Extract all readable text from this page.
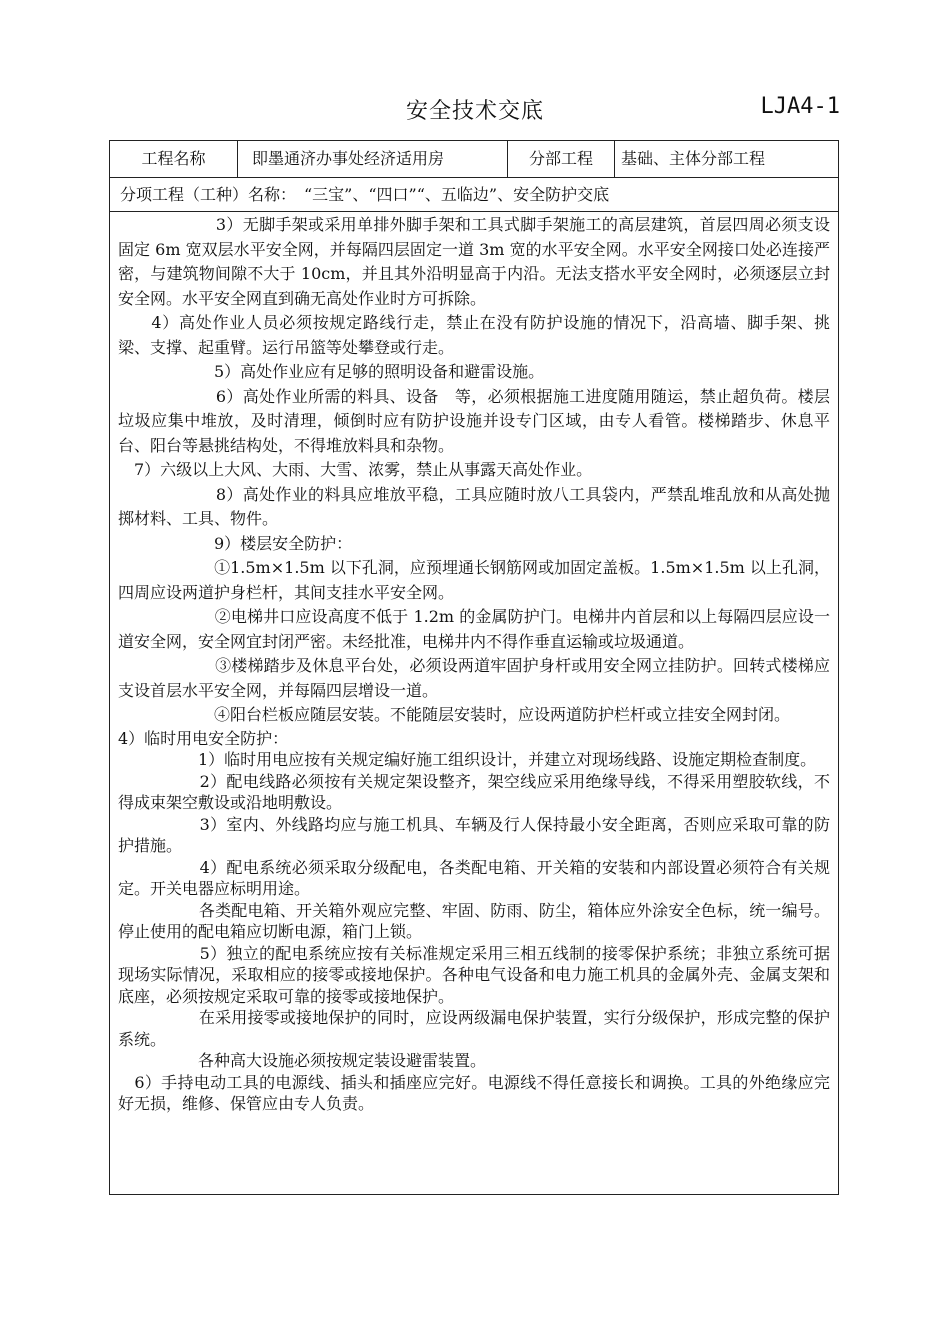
安全技术交底	LJA4-1
工程名称	即墨通济办事处经济适用房	分部工程	基础、主体分部工程
分项工程（工种）名称：　“三宝”、“四口”“、五临边”、安全防护交底

　　　　　　3）无脚手架或采用单排外脚手架和工具式脚手架施工的高层建筑，首层四周必须支设固定 6m 宽双层水平安全网，并每隔四层固定一道 3m 宽的水平安全网。水平安全网接口处必连接严密，与建筑物间隙不大于 10cm，并且其外沿明显高于内沿。无法支搭水平安全网时，必须逐层立封安全网。水平安全网直到确无高处作业时方可拆除。

　　4）高处作业人员必须按规定路线行走，禁止在没有防护设施的情况下，沿高墙、脚手架、挑梁、支撑、起重臂。运行吊篮等处攀登或行走。

　　　　　　5）高处作业应有足够的照明设备和避雷设施。

　　　　　　6）高处作业所需的料具、设备　等，必须根据施工进度随用随运，禁止超负荷。楼层垃圾应集中堆放，及时清理，倾倒时应有防护设施并设专门区域，由专人看管。楼梯踏步、休息平台、阳台等悬挑结构处，不得堆放料具和杂物。

　7）六级以上大风、大雨、大雪、浓雾，禁止从事露天高处作业。

　　　　　　8）高处作业的料具应堆放平稳，工具应随时放八工具袋内，严禁乱堆乱放和从高处抛掷材料、工具、物件。

　　　　　　9）楼层安全防护：

　　　　　　①1.5m×1.5m 以下孔洞，应预埋通长钢筋网或加固定盖板。1.5m×1.5m 以上孔洞，四周应设两道护身栏杆，其间支挂水平安全网。

　　　　　　②电梯井口应设高度不低于 1.2m 的金属防护门。电梯井内首层和以上每隔四层应设一道安全网，安全网宜封闭严密。未经批准，电梯井内不得作垂直运输或垃圾通道。

　　　　　　③楼梯踏步及休息平台处，必须设两道牢固护身杆或用安全网立挂防护。回转式楼梯应支设首层水平安全网，并每隔四层增设一道。

　　　　　　④阳台栏板应随层安装。不能随层安装时，应设两道防护栏杆或立挂安全网封闭。

4）临时用电安全防护：

　　　　　1）临时用电应按有关规定编好施工组织设计，并建立对现场线路、设施定期检查制度。

　　　　　2）配电线路必须按有关规定架设整齐，架空线应采用绝缘导线，不得采用塑胶软线，不得成束架空敷设或沿地明敷设。

　　　　　3）室内、外线路均应与施工机具、车辆及行人保持最小安全距离，否则应采取可靠的防护措施。

　　　　　4）配电系统必须采取分级配电，各类配电箱、开关箱的安装和内部设置必须符合有关规定。开关电器应标明用途。

　　　　　各类配电箱、开关箱外观应完整、牢固、防雨、防尘，箱体应外涂安全色标，统一编号。停止使用的配电箱应切断电源，箱门上锁。

　　　　　5）独立的配电系统应按有关标准规定采用三相五线制的接零保护系统；非独立系统可据现场实际情况，采取相应的接零或接地保护。各种电气设备和电力施工机具的金属外壳、金属支架和底座，必须按规定采取可靠的接零或接地保护。

　　　　　在采用接零或接地保护的同时，应设两级漏电保护装置，实行分级保护，形成完整的保护系统。

　　　　　各种高大设施必须按规定装设避雷装置。

　6）手持电动工具的电源线、插头和插座应完好。电源线不得任意接长和调换。工具的外绝缘应完好无损，维修、保管应由专人负责。
